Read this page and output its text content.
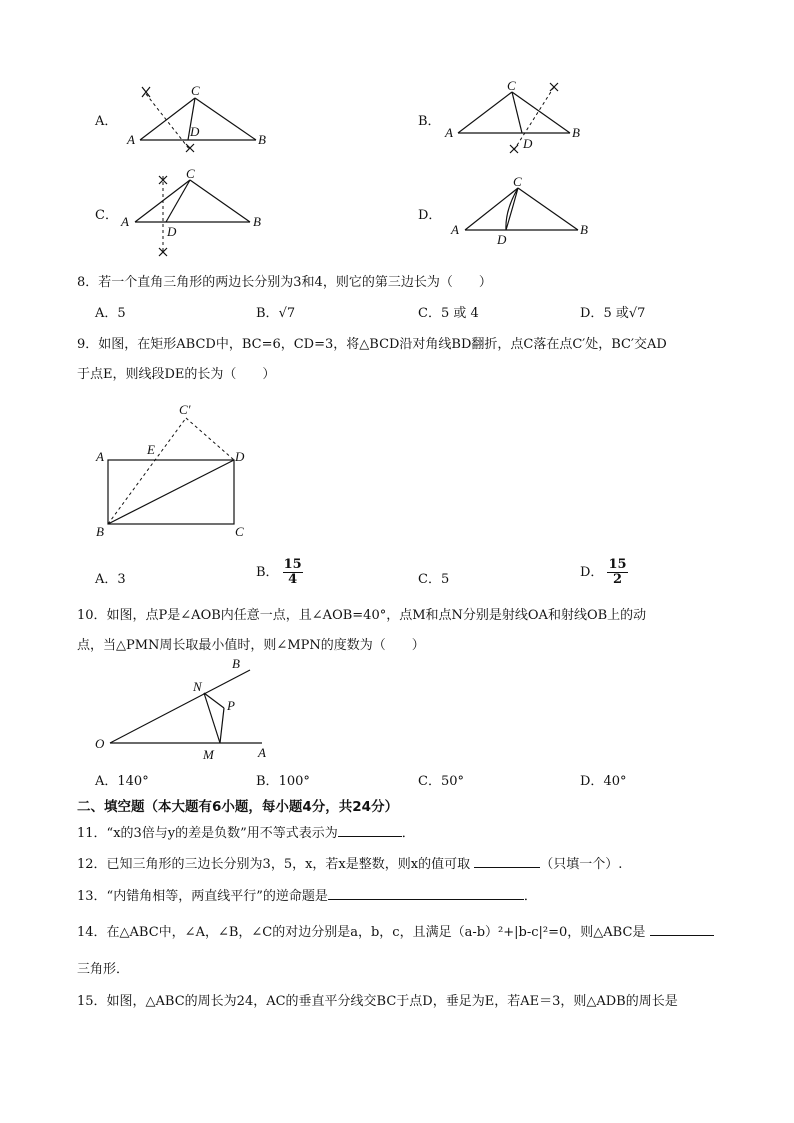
A．
A
C
D
B
B．
A
C
D
B
C． A
C
D
B	D．
A
C
D
B
8．若一个直角三角形的两边长分别为3和4，则它的第三边长为（　　）
A．5	B．√7	C．5 或 4	D．5 或√7
9．如图，在矩形ABCD中，BC=6，CD=3，将△BCD沿对角线BD翻折，点C落在点C′处，BC′交AD
于点E，则线段DE的长为（　　）
C′
A	E	D
B	C
A．3	B． $\frac{15}{4}$	C．5	D． $\frac{15}{2}$
10．如图，点P是∠AOB内任意一点，且∠AOB=40°，点M和点N分别是射线OA和射线OB上的动
点，当△PMN周长取最小值时，则∠MPN的度数为（　　）
B
N
P
O
M	A
A．140°	B．100°	C．50°	D．40°
二、填空题（本大题有6小题，每小题4分，共24分）
11．“x的3倍与y的差是负数”用不等式表示为	．
12．已知三角形的三边长分别为3，5，x，若x是整数，则x的值可取	（只填一个）.
13．“内错角相等，两直线平行”的逆命题是	．
14．在△ABC中，∠A，∠B，∠C的对边分别是a，b，c，且满足（a-b）²+|b-c|²=0，则△ABC是
三角形．
15．如图，△ABC的周长为24，AC的垂直平分线交BC于点D，垂足为E，若AE＝3，则△ADB的周长是
